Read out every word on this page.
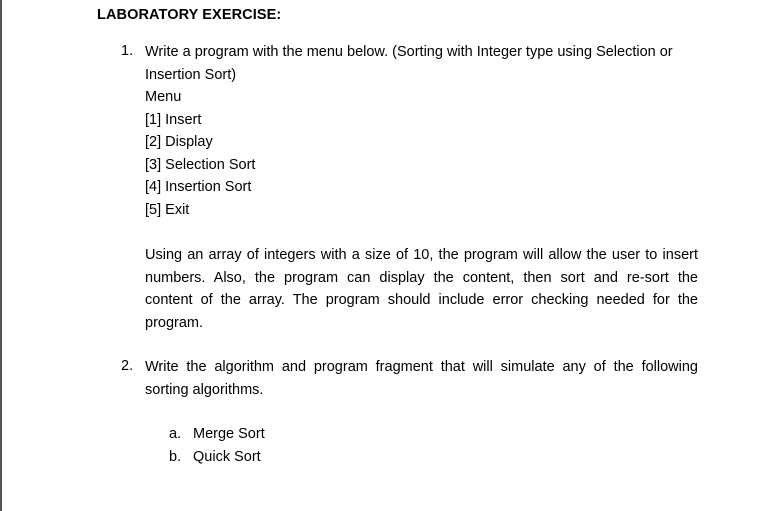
LABORATORY EXERCISE:
1. Write a program with the menu below. (Sorting with Integer type using Selection or
Insertion Sort)
Menu
[1] Insert
[2] Display
[3] Selection Sort
[4] Insertion Sort
[5] Exit
Using an array of integers with a size of 10, the program will allow the user to insert
numbers. Also, the program can display the content, then sort and re-sort the
content of the array. The program should include error checking needed for the
program.
2. Write the algorithm and program fragment that will simulate any of the following
sorting algorithms.
a. Merge Sort
b. Quick Sort
